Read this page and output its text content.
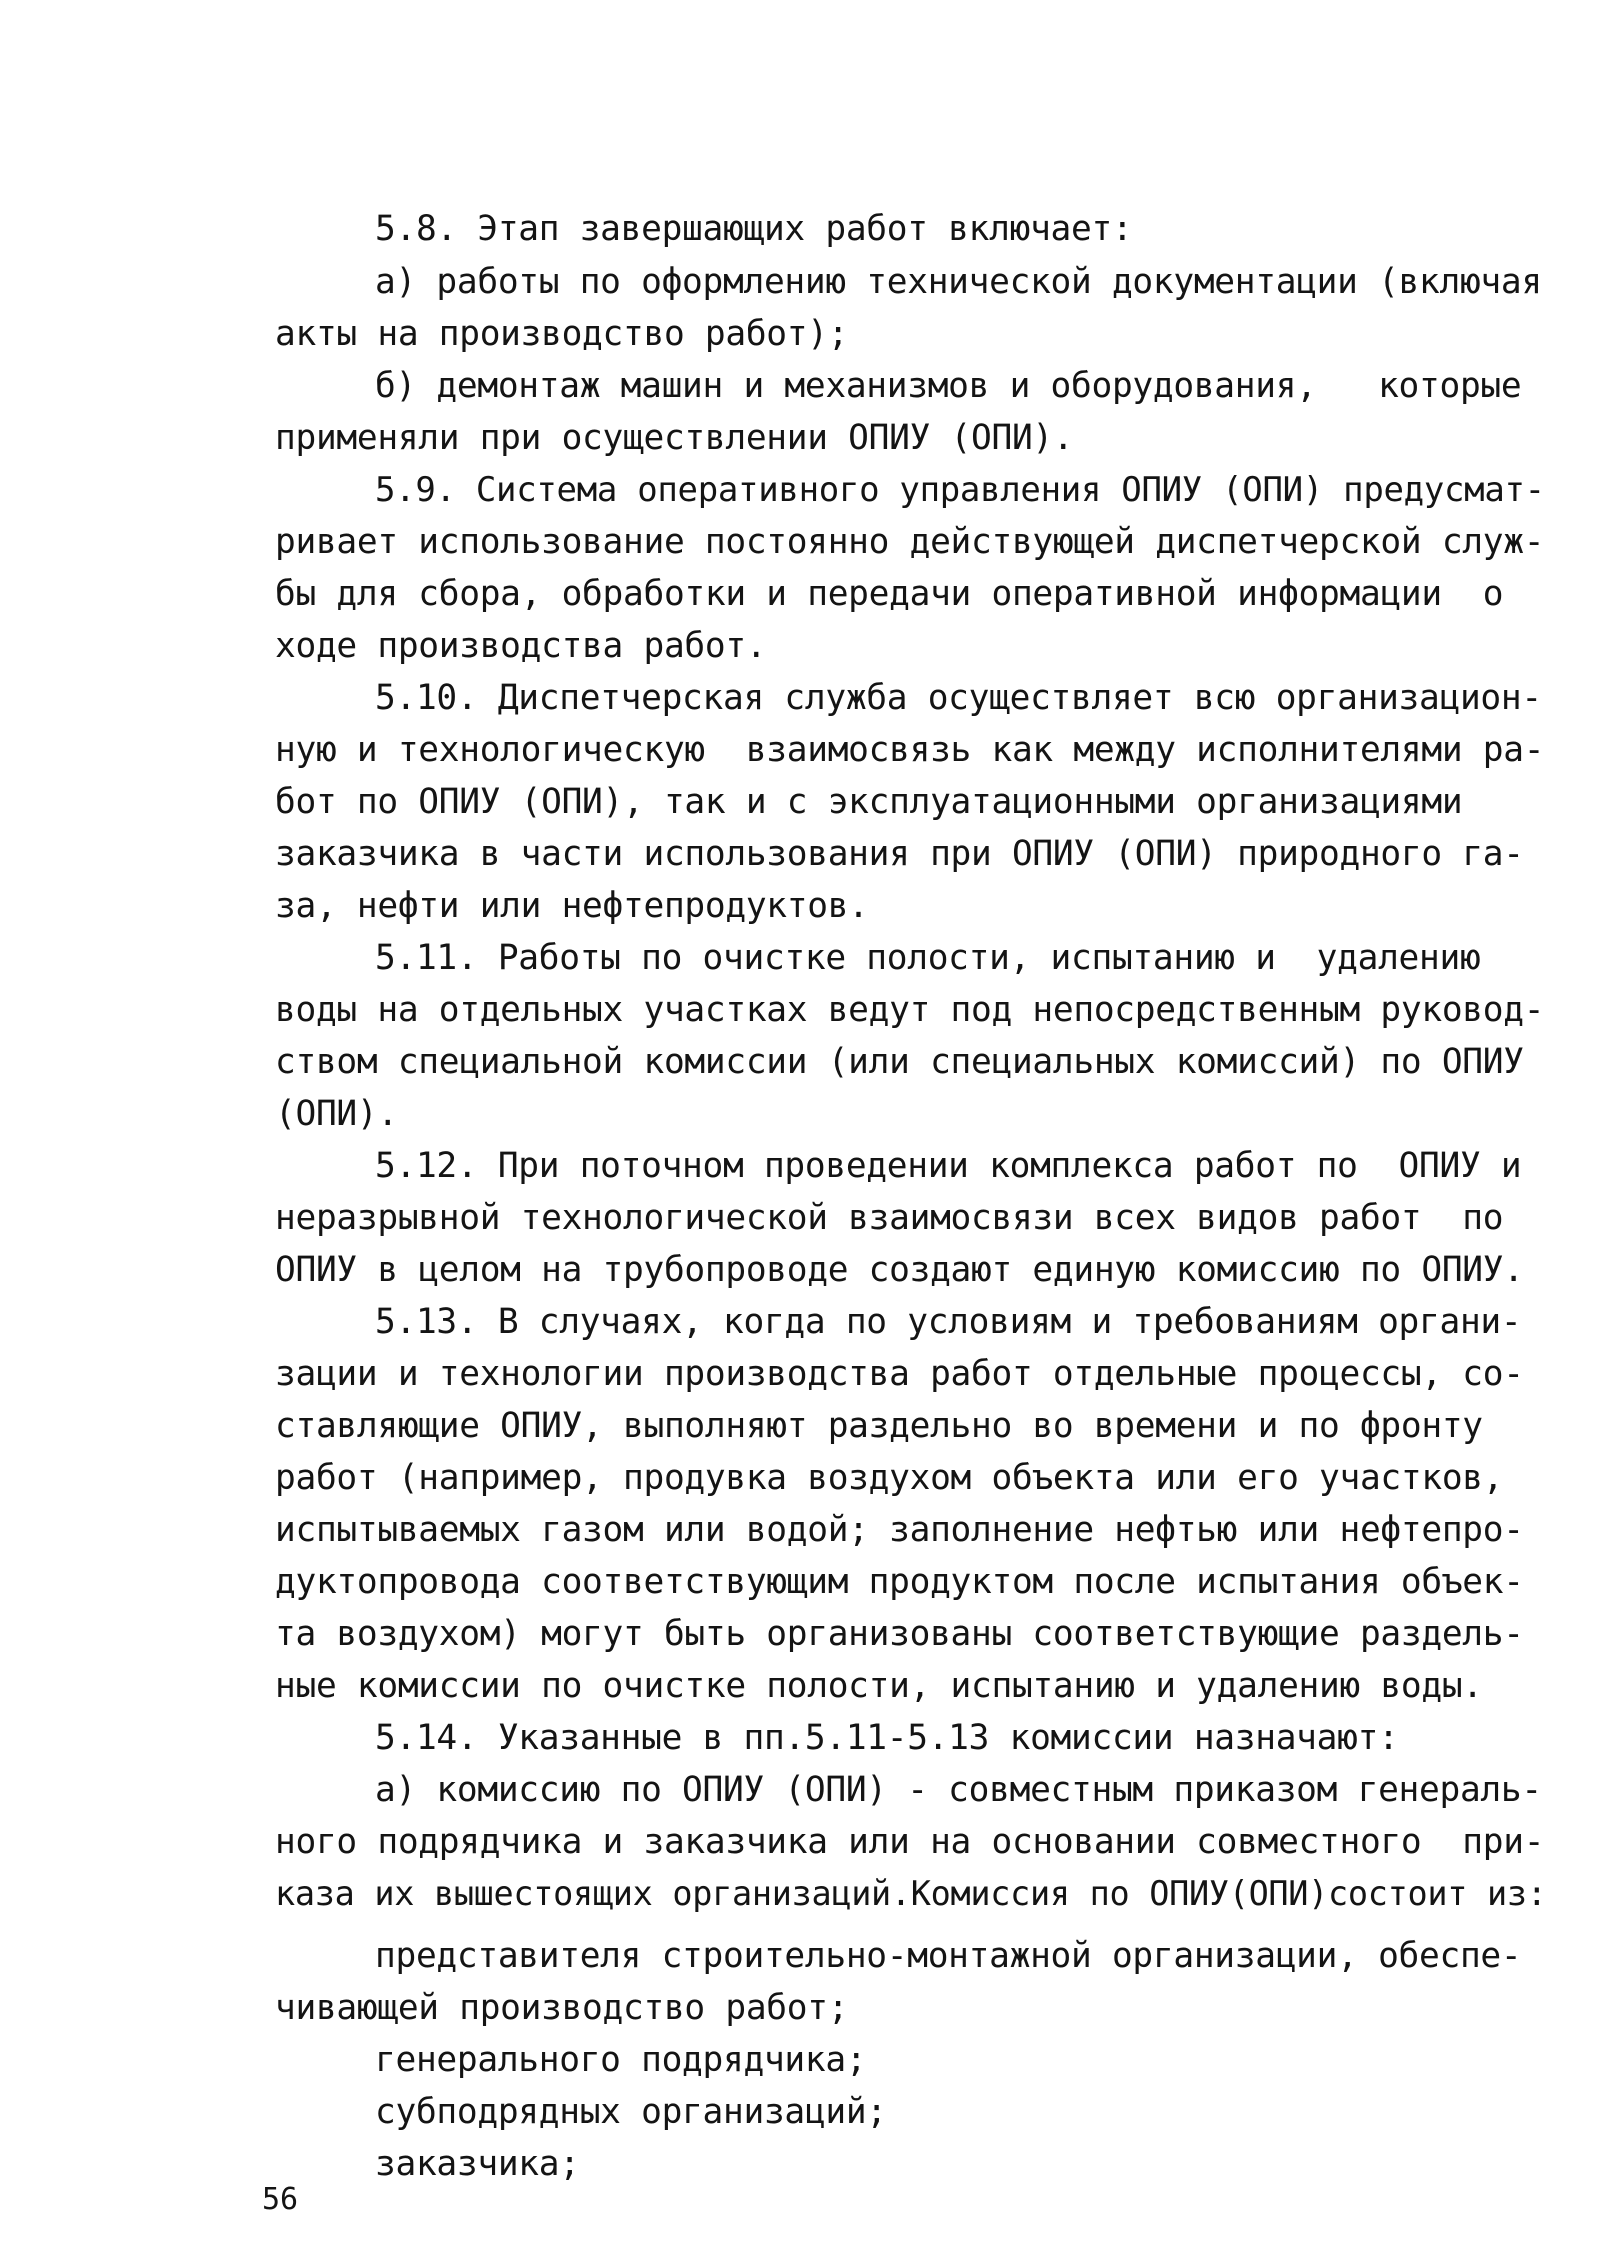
5.8. Этап завершающих работ включает:
а) работы по оформлению технической документации (включая
акты на производство работ);
б) демонтаж машин и механизмов и оборудования,   которые
применяли при осуществлении ОПИУ (ОПИ).
5.9. Система оперативного управления ОПИУ (ОПИ) предусмат-
ривает использование постоянно действующей диспетчерской служ-
бы для сбора, обработки и передачи оперативной информации  о
ходе производства работ.
5.10. Диспетчерская служба осуществляет всю организацион-
ную и технологическую  взаимосвязь как между исполнителями ра-
бот по ОПИУ (ОПИ), так и с эксплуатационными организациями
заказчика в части использования при ОПИУ (ОПИ) природного га-
за, нефти или нефтепродуктов.
5.11. Работы по очистке полости, испытанию и  удалению
воды на отдельных участках ведут под непосредственным руковод-
ством специальной комиссии (или специальных комиссий) по ОПИУ
(ОПИ).
5.12. При поточном проведении комплекса работ по  ОПИУ и
неразрывной технологической взаимосвязи всех видов работ  по
ОПИУ в целом на трубопроводе создают единую комиссию по ОПИУ.
5.13. В случаях, когда по условиям и требованиям органи-
зации и технологии производства работ отдельные процессы, со-
ставляющие ОПИУ, выполняют раздельно во времени и по фронту
работ (например, продувка воздухом объекта или его участков,
испытываемых газом или водой; заполнение нефтью или нефтепро-
дуктопровода соответствующим продуктом после испытания объек-
та воздухом) могут быть организованы соответствующие раздель-
ные комиссии по очистке полости, испытанию и удалению воды.
5.14. Указанные в пп.5.11-5.13 комиссии назначают:
а) комиссию по ОПИУ (ОПИ) - совместным приказом генераль-
ного подрядчика и заказчика или на основании совместного  при-
каза их вышестоящих организаций.Комиссия по ОПИУ(ОПИ)состоит из:
представителя строительно-монтажной организации, обеспе-
чивающей производство работ;
генерального подрядчика;
субподрядных организаций;
заказчика;
56
